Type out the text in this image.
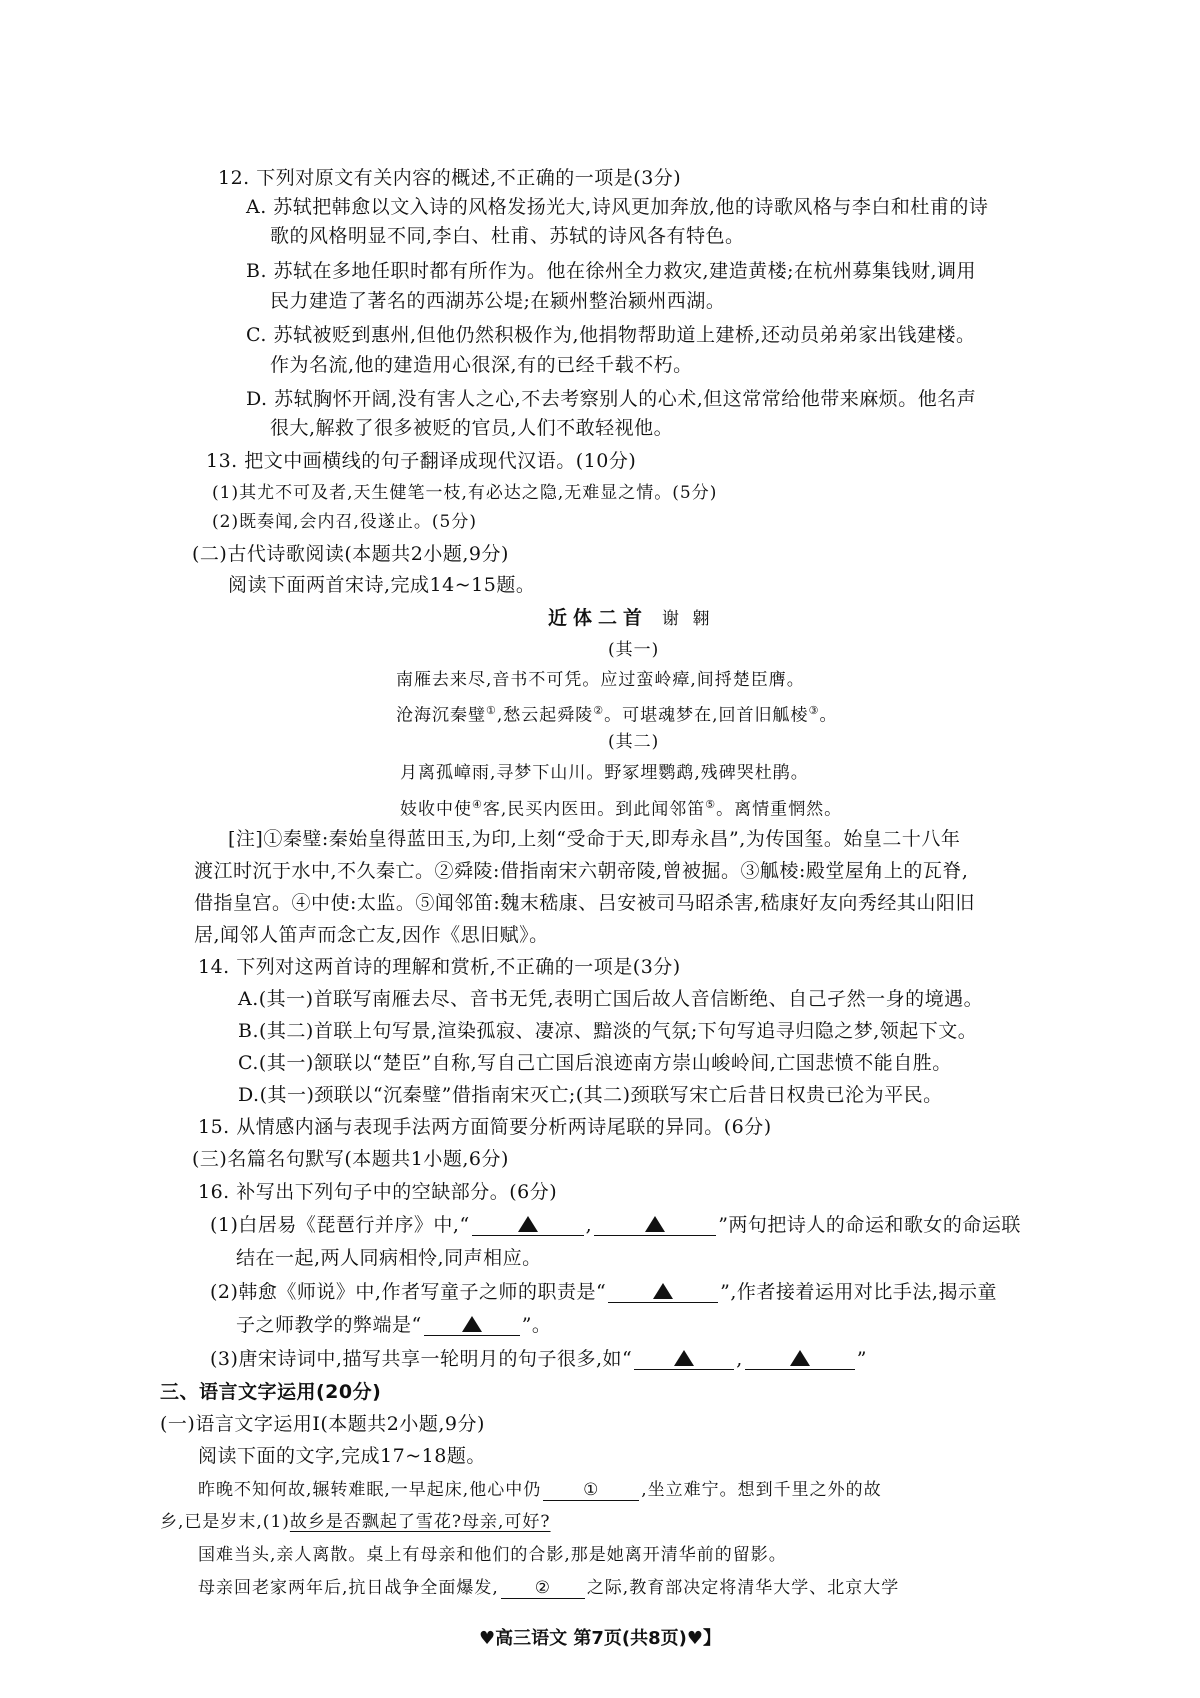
12. 下列对原文有关内容的概述,不正确的一项是(3分)
A. 苏轼把韩愈以文入诗的风格发扬光大,诗风更加奔放,他的诗歌风格与李白和杜甫的诗
歌的风格明显不同,李白、杜甫、苏轼的诗风各有特色。
B. 苏轼在多地任职时都有所作为。他在徐州全力救灾,建造黄楼;在杭州募集钱财,调用
民力建造了著名的西湖苏公堤;在颍州整治颍州西湖。
C. 苏轼被贬到惠州,但他仍然积极作为,他捐物帮助道上建桥,还动员弟弟家出钱建楼。
作为名流,他的建造用心很深,有的已经千载不朽。
D. 苏轼胸怀开阔,没有害人之心,不去考察别人的心术,但这常常给他带来麻烦。他名声
很大,解救了很多被贬的官员,人们不敢轻视他。
13. 把文中画横线的句子翻译成现代汉语。(10分)
(1)其尤不可及者,天生健笔一枝,有必达之隐,无难显之情。(5分)
(2)既奏闻,会内召,役遂止。(5分)
(二)古代诗歌阅读(本题共2小题,9分)
阅读下面两首宋诗,完成14~15题。
近体二首 谢 翱
(其一)
南雁去来尽,音书不可凭。应过蛮岭瘴,间捋楚臣膺。
沧海沉秦璧①,愁云起舜陵②。可堪魂梦在,回首旧觚棱③。
(其二)
月离孤嶂雨,寻梦下山川。野冢埋鹦鹉,残碑哭杜鹃。
妓收中使④客,民买内医田。到此闻邻笛⑤。离情重惘然。
[注]①秦璧:秦始皇得蓝田玉,为印,上刻“受命于天,即寿永昌”,为传国玺。始皇二十八年
渡江时沉于水中,不久秦亡。②舜陵:借指南宋六朝帝陵,曾被掘。③觚棱:殿堂屋角上的瓦脊,
借指皇宫。④中使:太监。⑤闻邻笛:魏末嵇康、吕安被司马昭杀害,嵇康好友向秀经其山阳旧
居,闻邻人笛声而念亡友,因作《思旧赋》。
14. 下列对这两首诗的理解和赏析,不正确的一项是(3分)
A.(其一)首联写南雁去尽、音书无凭,表明亡国后故人音信断绝、自己孑然一身的境遇。
B.(其二)首联上句写景,渲染孤寂、凄凉、黯淡的气氛;下句写追寻归隐之梦,领起下文。
C.(其一)颔联以“楚臣”自称,写自己亡国后浪迹南方崇山峻岭间,亡国悲愤不能自胜。
D.(其一)颈联以“沉秦璧”借指南宋灭亡;(其二)颈联写宋亡后昔日权贵已沦为平民。
15. 从情感内涵与表现手法两方面简要分析两诗尾联的异同。(6分)
(三)名篇名句默写(本题共1小题,6分)
16. 补写出下列句子中的空缺部分。(6分)
(1)白居易《琵琶行并序》中,“	,	”两句把诗人的命运和歌女的命运联
结在一起,两人同病相怜,同声相应。
(2)韩愈《师说》中,作者写童子之师的职责是“	”,作者接着运用对比手法,揭示童
子之师教学的弊端是“	”。
(3)唐宋诗词中,描写共享一轮明月的句子很多,如“	,	”
三、语言文字运用(20分)
(一)语言文字运用Ⅰ(本题共2小题,9分)
阅读下面的文字,完成17~18题。
昨晚不知何故,辗转难眠,一早起床,他心中仍 ① ,坐立难宁。想到千里之外的故
乡,已是岁末,(1)故乡是否飘起了雪花?母亲,可好?
国难当头,亲人离散。桌上有母亲和他们的合影,那是她离开清华前的留影。
母亲回老家两年后,抗日战争全面爆发, ② 之际,教育部决定将清华大学、北京大学
♥高三语文 第7页(共8页)♥】
